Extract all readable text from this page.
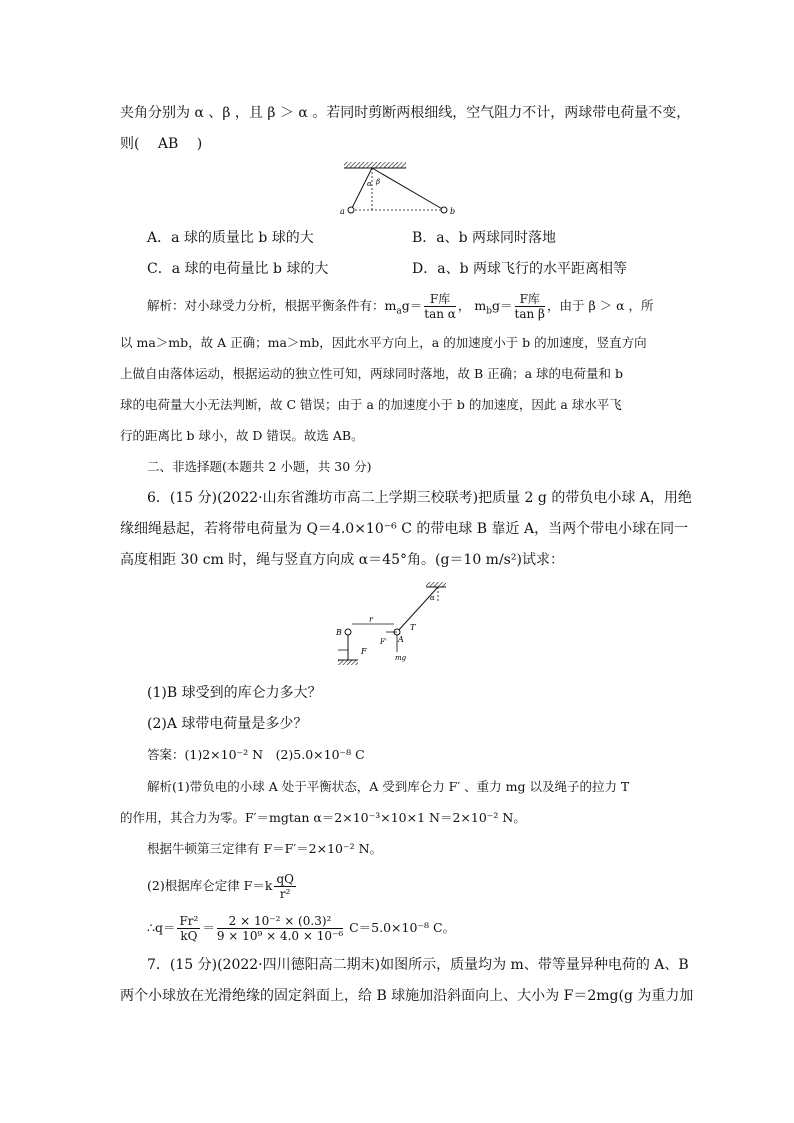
夹角分别为 α 、β ，且 β ＞ α 。若同时剪断两根细线，空气阻力不计，两球带电荷量不变，
则( AB )
a	b
α β
A．a 球的质量比 b 球的大	B．a、b 两球同时落地
C．a 球的电荷量比 b 球的大	D．a、b 两球飞行的水平距离相等
解析：对小球受力分析，根据平衡条件有：$m_ag= F$库
tan α
， $m_bg= F$库
tan β
，由于 β ＞ α ，所
以 ma＞mb，故 A 正确；ma＞mb，因此水平方向上，a 的加速度小于 b 的加速度，竖直方向
上做自由落体运动，根据运动的独立性可知，两球同时落地，故 B 正确；a 球的电荷量和 b
球的电荷量大小无法判断，故 C 错误；由于 a 的加速度小于 b 的加速度，因此 a 球水平飞
行的距离比 b 球小，故 D 错误。故选 AB。
二、非选择题(本题共 2 小题，共 30 分)
6．(15 分)(2022·山东省潍坊市高二上学期三校联考)把质量 2 g 的带负电小球 A，用绝
缘细绳悬起，若将带电荷量为 Q＝4.0×10⁻⁶ C 的带电球 B 靠近 A，当两个带电小球在同一
高度相距 30 cm 时，绳与竖直方向成 α＝45°角。(g＝10 m/s²)试求：
α
B
r
A
T
F
F'
mg
(1)B 球受到的库仑力多大？
(2)A 球带电荷量是多少？
答案：(1)2×10⁻² N　(2)5.0×10⁻⁸ C
解析(1)带负电的小球 A 处于平衡状态，A 受到库仑力 F′ 、重力 mg 以及绳子的拉力 T
的作用，其合力为零。F′＝mgtan α＝2×10⁻³×10×1 N＝2×10⁻² N。
根据牛顿第三定律有 F＝F′＝2×10⁻² N。
(2)根据库仑定律 $F=k \frac{qQ}{\text{r²}}$
∴q＝ $\frac{\text{Fr²}}{kQ} = \frac{\text{2 × 10⁻² × (0.3)²}}{\text{9 × 10⁹ × 4.0 × 10⁻⁶}} C=5.0\times 10^{-8}$ C。
7．(15 分)(2022·四川德阳高二期末)如图所示，质量均为 m、带等量异种电荷的 A、B
两个小球放在光滑绝缘的固定斜面上，给 B 球施加沿斜面向上、大小为 F＝2mg(g 为重力加
